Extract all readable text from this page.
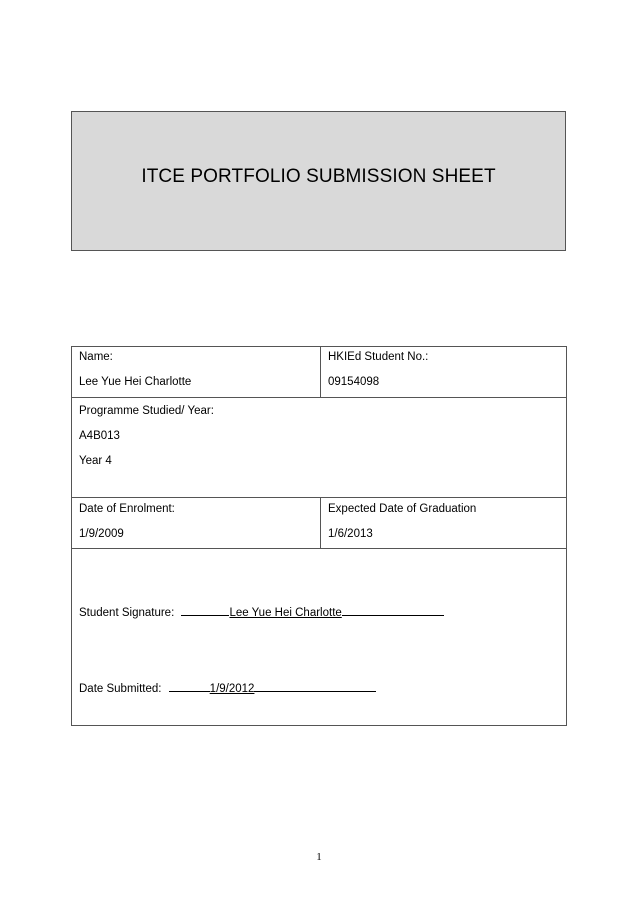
ITCE PORTFOLIO SUBMISSION SHEET
Name:
Lee Yue Hei Charlotte
HKIEd Student No.:
09154098
Programme Studied/ Year:
A4B013
Year 4
Date of Enrolment:
1/9/2009
Expected Date of Graduation
1/6/2013
Student Signature:	Lee Yue Hei Charlotte
Date Submitted:	1/9/2012
1
